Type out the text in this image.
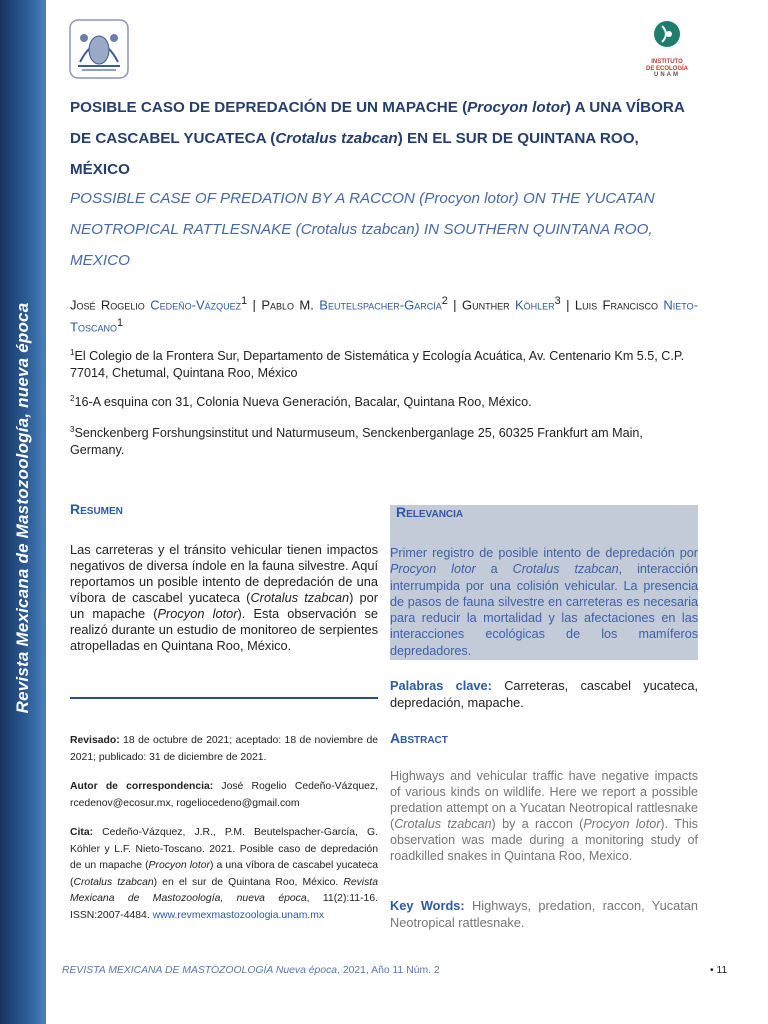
Revista Mexicana de Mastozoología, nueva época
INSTITUTO
DE ECOLOGÍA
UNAM
POSIBLE CASO DE DEPREDACIÓN DE UN MAPACHE (Procyon lotor) A UNA VÍBORA DE CASCABEL YUCATECA (Crotalus tzabcan) EN EL SUR DE QUINTANA ROO, MÉXICO
POSSIBLE CASE OF PREDATION BY A RACCON (Procyon lotor) ON THE YUCATAN NEOTROPICAL RATTLESNAKE (Crotalus tzabcan) IN SOUTHERN QUINTANA ROO, MEXICO
José Rogelio Cedeño-Vázquez$^1$ | Pablo M. Beutelspacher-García$^2$ | Gunther Köhler$^3$ | Luis Francisco Nieto-Toscano$^1$
$^1$El Colegio de la Frontera Sur, Departamento de Sistemática y Ecología Acuática, Av. Centenario Km 5.5, C.P. 77014, Chetumal, Quintana Roo, México
$^2$16-A esquina con 31, Colonia Nueva Generación, Bacalar, Quintana Roo, México.
$^3$Senckenberg Forshungsinstitut und Naturmuseum, Senckenberganlage 25, 60325 Frankfurt am Main, Germany.
Resumen
Las carreteras y el tránsito vehicular tienen impactos negativos de diversa índole en la fauna silvestre. Aquí reportamos un posible intento de depredación de una víbora de cascabel yucateca (Crotalus tzabcan) por un mapache (Procyon lotor). Esta observación se realizó durante un estudio de monitoreo de serpientes atropelladas en Quintana Roo, México.
Revisado: 18 de octubre de 2021; aceptado: 18 de noviembre de 2021; publicado: 31 de diciembre de 2021.
Autor de correspondencia: José Rogelio Cedeño-Vázquez, rcedenov@ecosur.mx, rogeliocedeno@gmail.com
Cita: Cedeño-Vázquez, J.R., P.M. Beutelspacher-García, G. Köhler y L.F. Nieto-Toscano. 2021. Posible caso de depredación de un mapache (Procyon lotor) a una víbora de cascabel yucateca (Crotalus tzabcan) en el sur de Quintana Roo, México. Revista Mexicana de Mastozoología, nueva época, 11(2):11-16. ISSN:2007-4484. www.revmexmastozoologia.unam.mx
Relevancia
Primer registro de posible intento de depredación por Procyon lotor a Crotalus tzabcan, interacción interrumpida por una colisión vehicular. La presencia de pasos de fauna silvestre en carreteras es necesaria para reducir la mortalidad y las afectaciones en las interacciones ecológicas de los mamíferos depredadores.
Palabras clave: Carreteras, cascabel yucateca, depredación, mapache.
Abstract
Highways and vehicular traffic have negative impacts of various kinds on wildlife. Here we report a possible predation attempt on a Yucatan Neotropical rattlesnake (Crotalus tzabcan) by a raccon (Procyon lotor). This observation was made during a monitoring study of roadkilled snakes in Quintana Roo, Mexico.
Key Words: Highways, predation, raccon, Yucatan Neotropical rattlesnake.
REVISTA MEXICANA DE MASTOZOOLOGÍA Nueva época, 2021, Año 11 Núm. 2	• 11
